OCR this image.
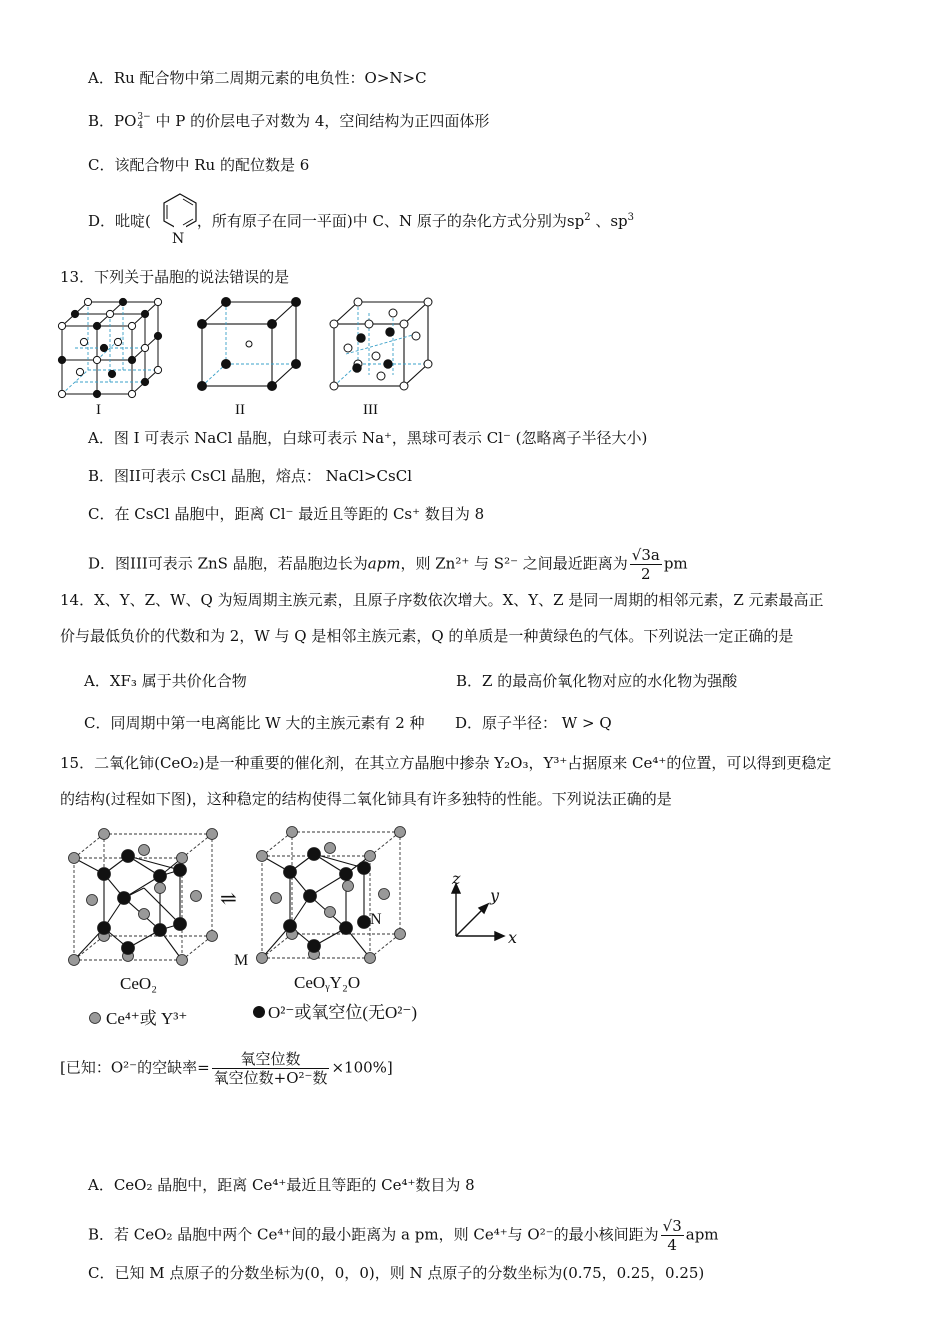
A．Ru 配合物中第二周期元素的电负性：O>N>C
B．PO 3−
4 中 P 的价层电子对数为 4，空间结构为正四面体形
C．该配合物中 Ru 的配位数是 6
D．吡啶(	，所有原子在同一平面)中 C、N 原子的杂化方式分别为$sp^2$ 、$sp^3$
N
13．下列关于晶胞的说法错误的是
I	II	III
A．图 I 可表示 NaCl 晶胞，白球可表示 Na⁺，黑球可表示 Cl⁻ (忽略离子半径大小)
B．图II可表示 CsCl 晶胞，熔点： NaCl>CsCl
C．在 CsCl 晶胞中，距离 Cl⁻ 最近且等距的 Cs⁺ 数目为 8
D．图III可表示 ZnS 晶胞，若晶胞边长为apm，则 Zn²⁺ 与 S²⁻ 之间最近距离为 $\frac{√3a}{2}$ pm
14．X、Y、Z、W、Q 为短周期主族元素，且原子序数依次增大。X、Y、Z 是同一周期的相邻元素，Z 元素最高正
价与最低负价的代数和为 2，W 与 Q 是相邻主族元素，Q 的单质是一种黄绿色的气体。下列说法一定正确的是
A．XF₃ 属于共价化合物	B．Z 的最高价氧化物对应的水化物为强酸
C．同周期中第一电离能比 W 大的主族元素有 2 种 D．原子半径： W > Q
15．二氧化铈(CeO₂)是一种重要的催化剂，在其立方晶胞中掺杂 Y₂O₃，Y³⁺占据原来 Ce⁴⁺的位置，可以得到更稳定
的结构(过程如下图)，这种稳定的结构使得二氧化铈具有许多独特的性能。下列说法正确的是
⇌
M
N
z
y
x
CeO₂	CeOᵧY₂O
Ce⁴⁺或 Y³⁺	O²⁻或氧空位(无O²⁻)
[已知：O²⁻的空缺率= $\frac{\text{氧空位数}}{\text{氧空位数+O²⁻数}} \times 100\%$]
A．CeO₂ 晶胞中，距离 Ce⁴⁺最近且等距的 Ce⁴⁺数目为 8
B．若 CeO₂ 晶胞中两个 Ce⁴⁺间的最小距离为 a pm，则 Ce⁴⁺与 O²⁻的最小核间距为 $\frac{√3}{4}$ apm
C．已知 M 点原子的分数坐标为(0，0，0)，则 N 点原子的分数坐标为(0.75，0.25，0.25)
